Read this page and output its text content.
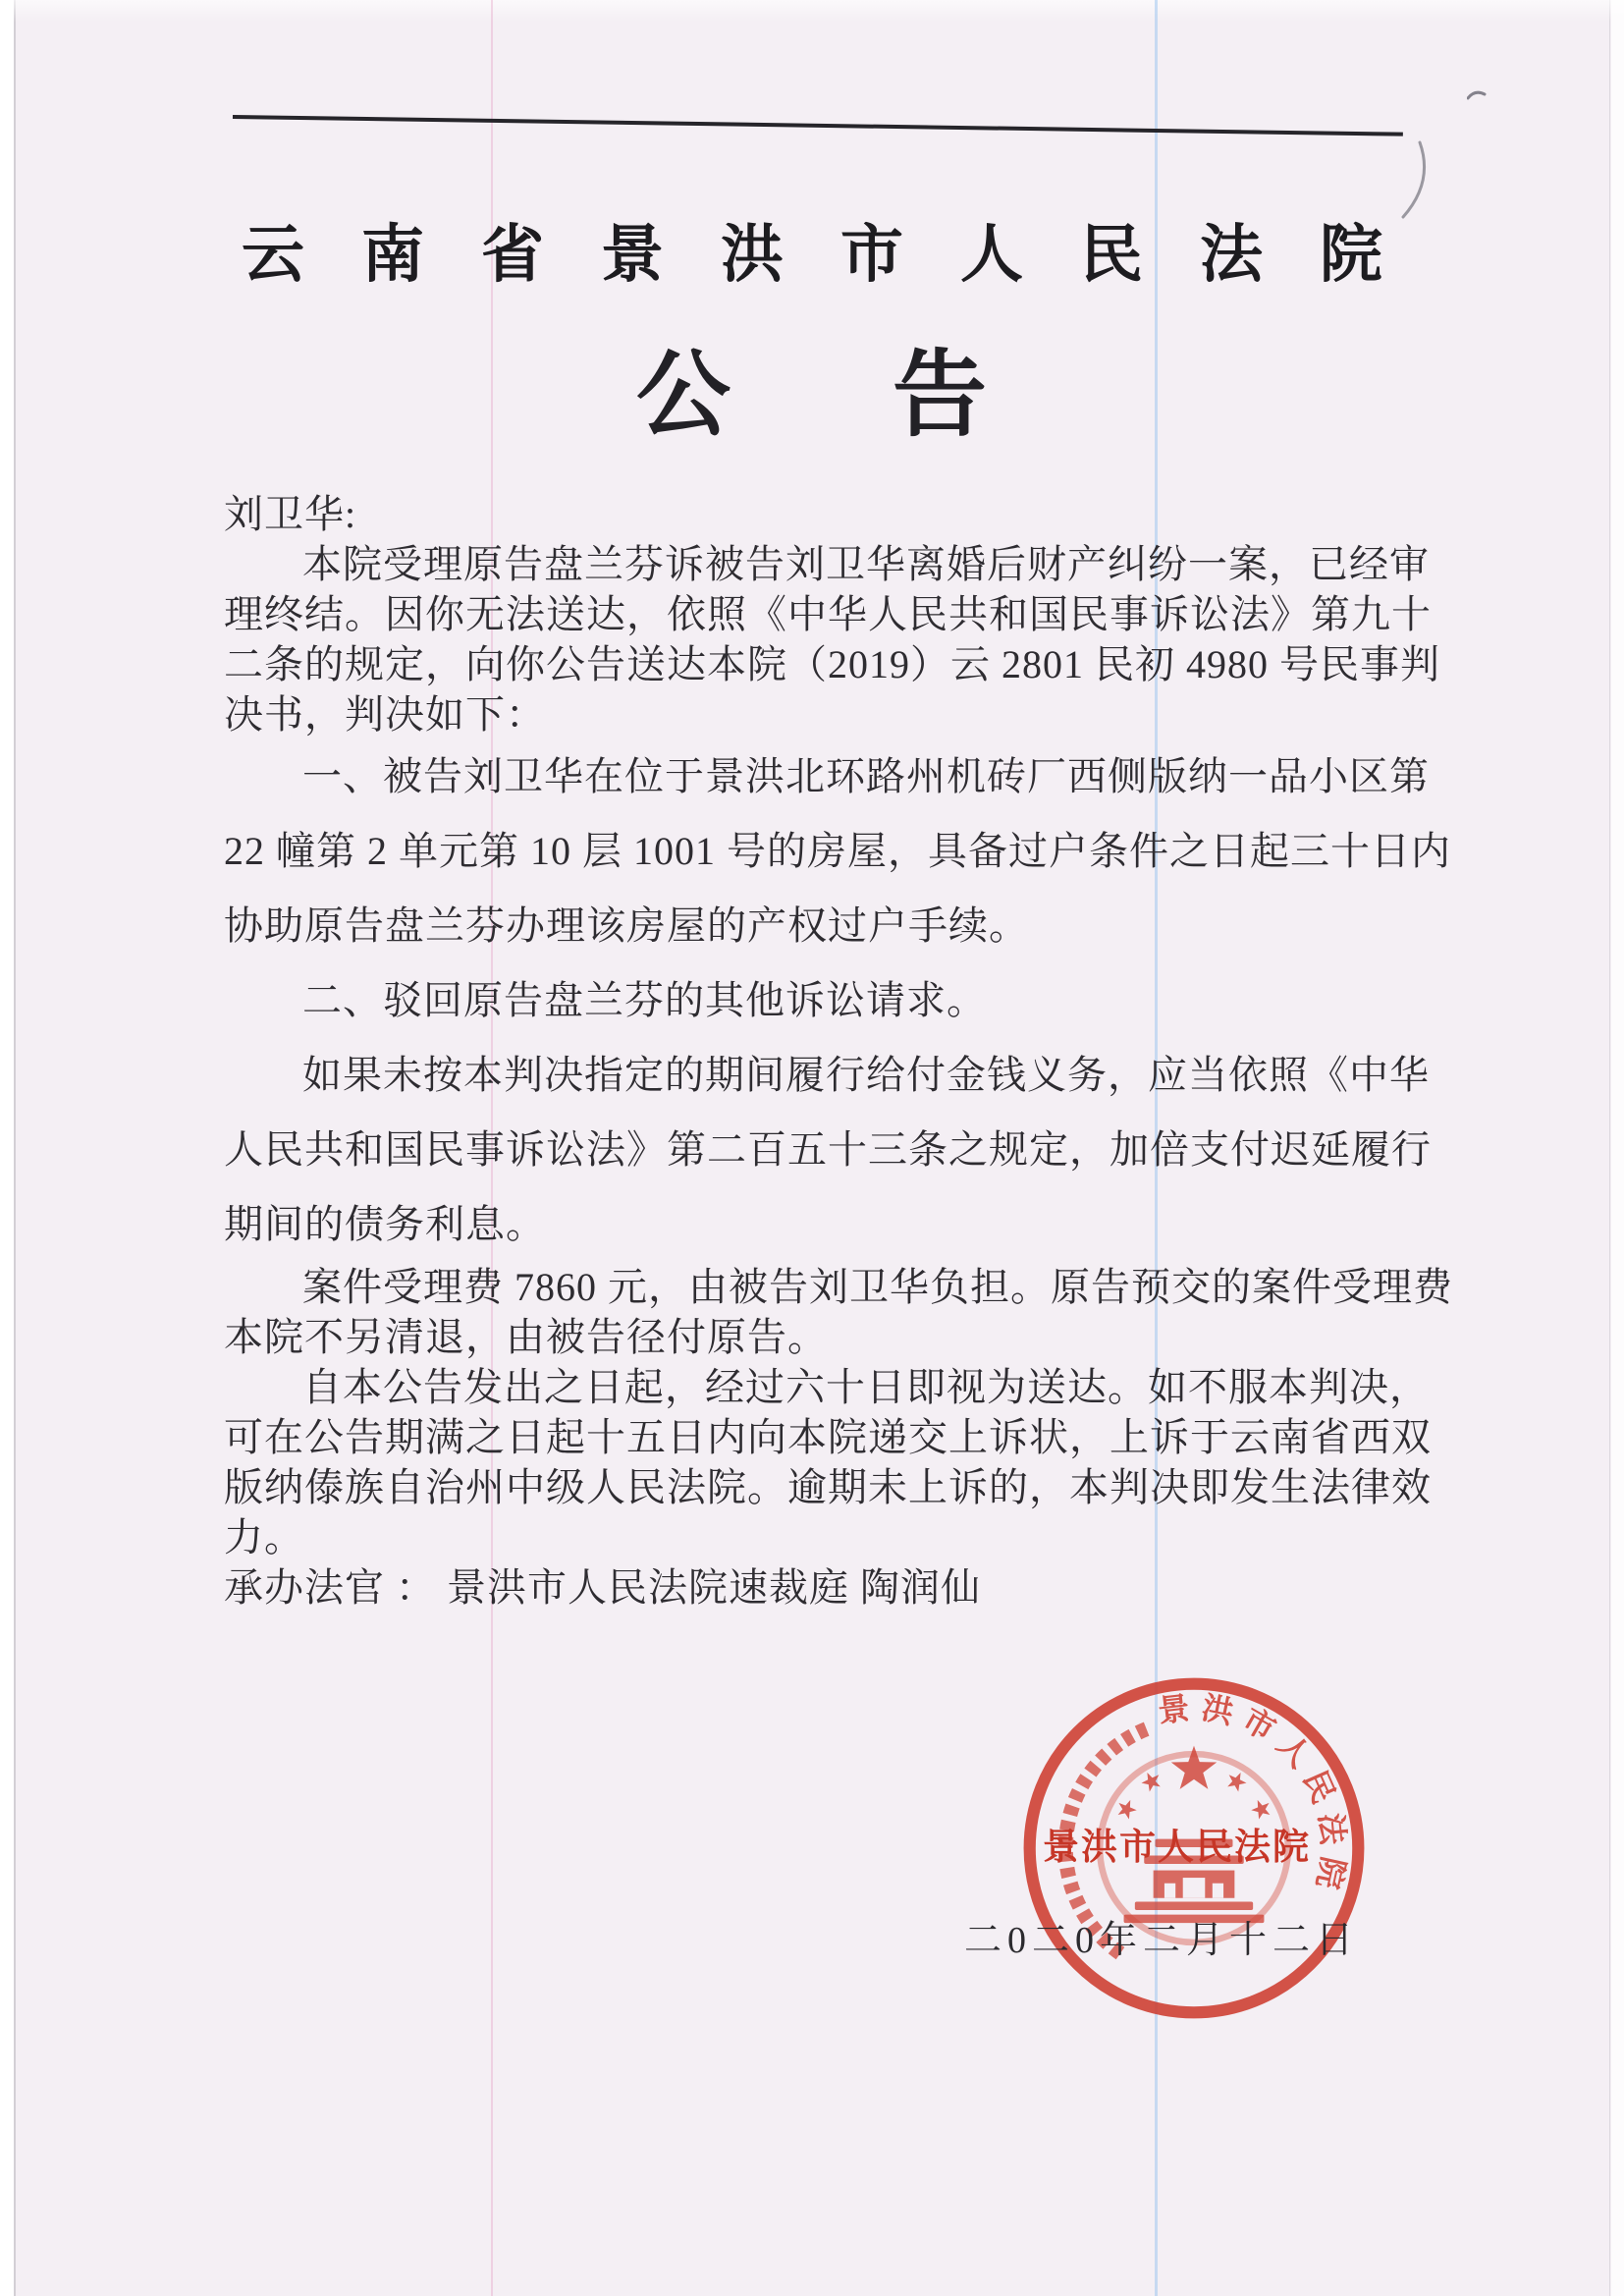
云南省景洪市人民法院
公告
刘卫华:
本院受理原告盘兰芬诉被告刘卫华离婚后财产纠纷一案，已经审
理终结。因你无法送达，依照《中华人民共和国民事诉讼法》第九十
二条的规定，向你公告送达本院（2019）云 2801 民初 4980 号民事判
决书，判决如下：
一、被告刘卫华在位于景洪北环路州机砖厂西侧版纳一品小区第
22 幢第 2 单元第 10 层 1001 号的房屋，具备过户条件之日起三十日内
协助原告盘兰芬办理该房屋的产权过户手续。
二、驳回原告盘兰芬的其他诉讼请求。
如果未按本判决指定的期间履行给付金钱义务，应当依照《中华
人民共和国民事诉讼法》第二百五十三条之规定，加倍支付迟延履行
期间的债务利息。
案件受理费 7860 元，由被告刘卫华负担。原告预交的案件受理费
本院不另清退，由被告径付原告。
自本公告发出之日起，经过六十日即视为送达。如不服本判决，
可在公告期满之日起十五日内向本院递交上诉状，上诉于云南省西双
版纳傣族自治州中级人民法院。逾期未上诉的，本判决即发生法律效
力。
承办法官 ： 景洪市人民法院速裁庭 陶润仙
景洪市人民法院
景洪市人民法院
二0二0年二月十二日
